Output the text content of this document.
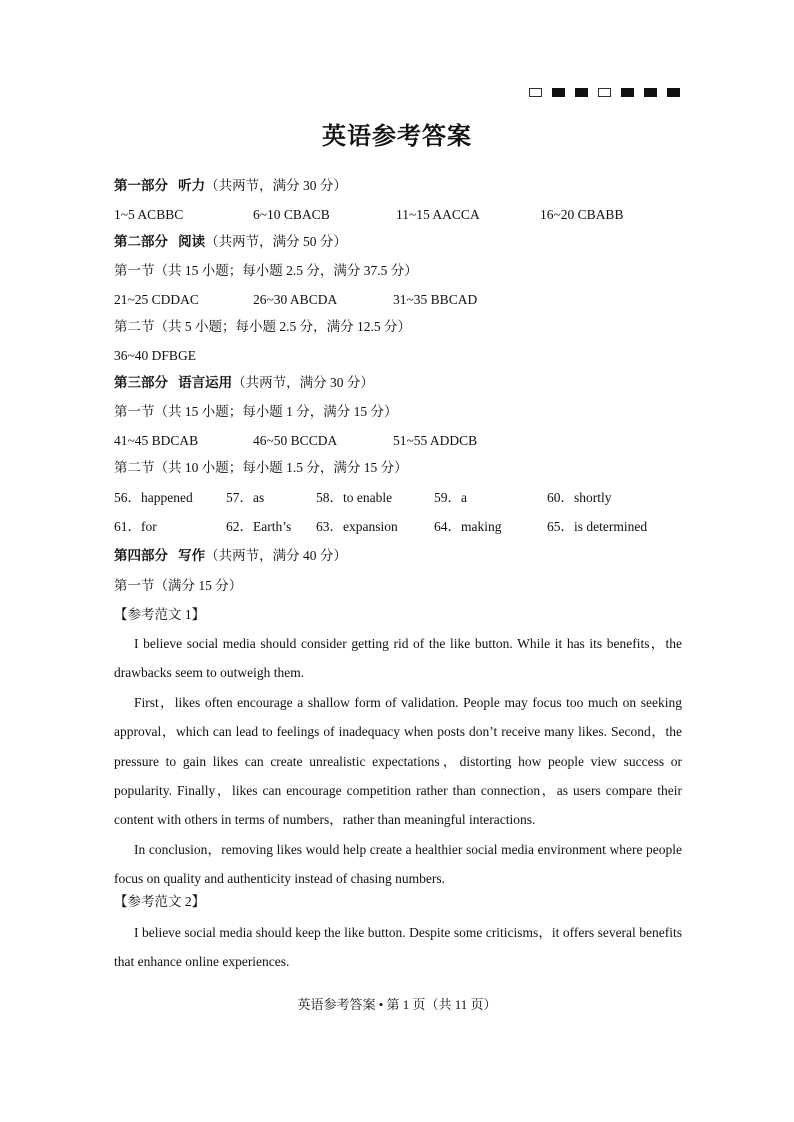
英语参考答案
第一部分 听力（共两节，满分 30 分）
1~5 ACBBC	6~10 CBACB	11~15 AACCA	16~20 CBABB
第二部分 阅读（共两节，满分 50 分）
第一节（共 15 小题；每小题 2.5 分，满分 37.5 分）
21~25 CDDAC	26~30 ABCDA	31~35 BBCAD
第二节（共 5 小题；每小题 2.5 分，满分 12.5 分）
36~40 DFBGE
第三部分 语言运用（共两节，满分 30 分）
第一节（共 15 小题；每小题 1 分，满分 15 分）
41~45 BDCAB	46~50 BCCDA	51~55 ADDCB
第二节（共 10 小题；每小题 1.5 分，满分 15 分）
56．happened 57．as	58．to enable	59．a	60．shortly
61．for	62．Earth’s 63．expansion	64．making	65．is determined
第四部分 写作（共两节，满分 40 分）
第一节（满分 15 分）
【参考范文 1】

I believe social media should consider getting rid of the like button. While it has its benefits，the drawbacks seem to outweigh them.

First，likes often encourage a shallow form of validation. People may focus too much on seeking approval，which can lead to feelings of inadequacy when posts don’t receive many likes. Second，the pressure to gain likes can create unrealistic expectations，distorting how people view success or popularity. Finally，likes can encourage competition rather than connection，as users compare their content with others in terms of numbers，rather than meaningful interactions.

In conclusion，removing likes would help create a healthier social media environment where people focus on quality and authenticity instead of chasing numbers.

【参考范文 2】

I believe social media should keep the like button. Despite some criticisms，it offers several benefits that enhance online experiences.

英语参考答案 • 第 1 页（共 11 页）
